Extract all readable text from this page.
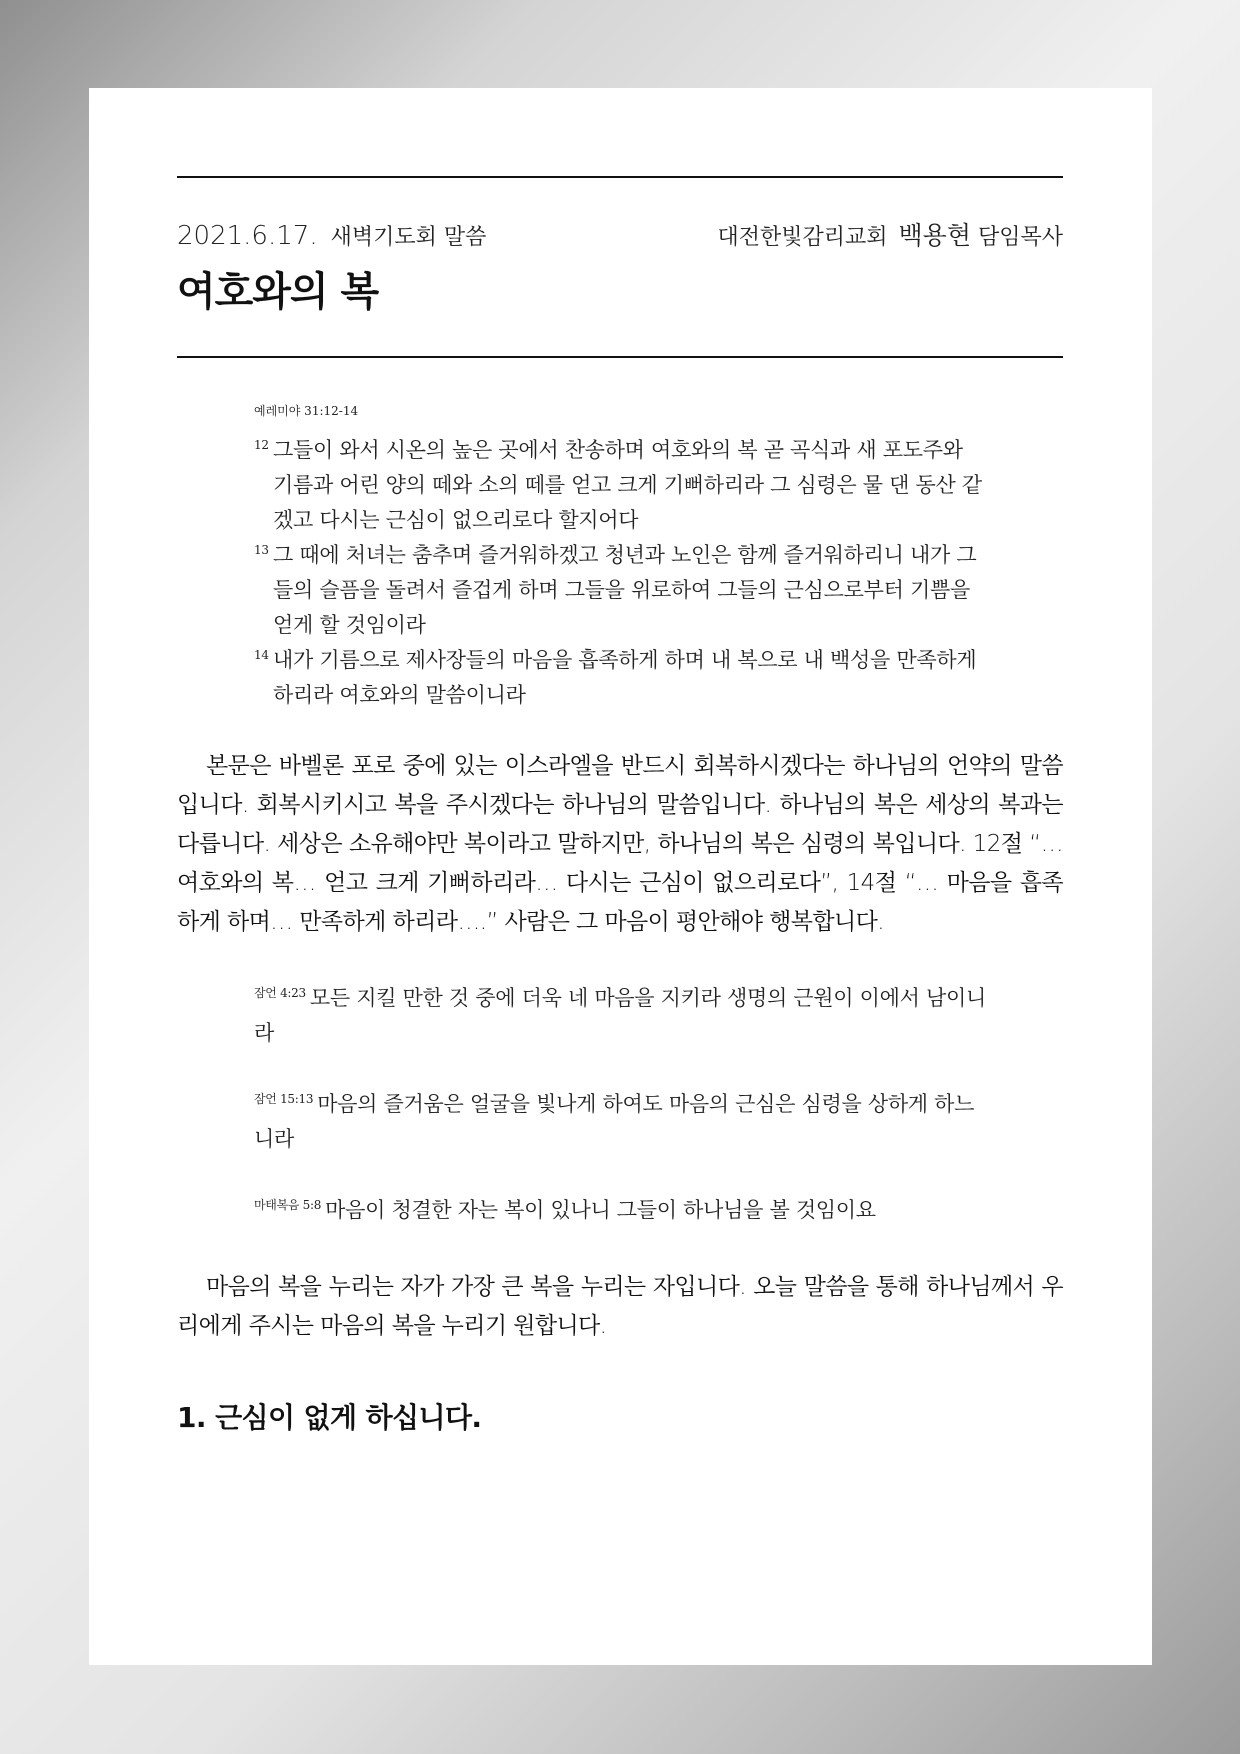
2021.6.17. 새벽기도회 말씀	대전한빛감리교회 백용현 담임목사
여호와의 복
예레미야 31:12-14
12 그들이 와서 시온의 높은 곳에서 찬송하며 여호와의 복 곧 곡식과 새 포도주와 기름과 어린 양의 떼와 소의 떼를 얻고 크게 기뻐하리라 그 심령은 물 댄 동산 같겠고 다시는 근심이 없으리로다 할지어다
13 그 때에 처녀는 춤추며 즐거워하겠고 청년과 노인은 함께 즐거워하리니 내가 그들의 슬픔을 돌려서 즐겁게 하며 그들을 위로하여 그들의 근심으로부터 기쁨을 얻게 할 것임이라
14 내가 기름으로 제사장들의 마음을 흡족하게 하며 내 복으로 내 백성을 만족하게 하리라 여호와의 말씀이니라
본문은 바벨론 포로 중에 있는 이스라엘을 반드시 회복하시겠다는 하나님의 언약의 말씀입니다. 회복시키시고 복을 주시겠다는 하나님의 말씀입니다. 하나님의 복은 세상의 복과는 다릅니다. 세상은 소유해야만 복이라고 말하지만, 하나님의 복은 심령의 복입니다. 12절 “… 여호와의 복… 얻고 크게 기뻐하리라… 다시는 근심이 없으리로다”, 14절 “… 마음을 흡족하게 하며… 만족하게 하리라….” 사람은 그 마음이 평안해야 행복합니다.
$^{잠언 4:23}$ 모든 지킬 만한 것 중에 더욱 네 마음을 지키라 생명의 근원이 이에서 남이니라
$^{잠언 15:13}$ 마음의 즐거움은 얼굴을 빛나게 하여도 마음의 근심은 심령을 상하게 하느니라
$^{마태복음 5:8}$ 마음이 청결한 자는 복이 있나니 그들이 하나님을 볼 것임이요
마음의 복을 누리는 자가 가장 큰 복을 누리는 자입니다. 오늘 말씀을 통해 하나님께서 우리에게 주시는 마음의 복을 누리기 원합니다.
1. 근심이 없게 하십니다.
